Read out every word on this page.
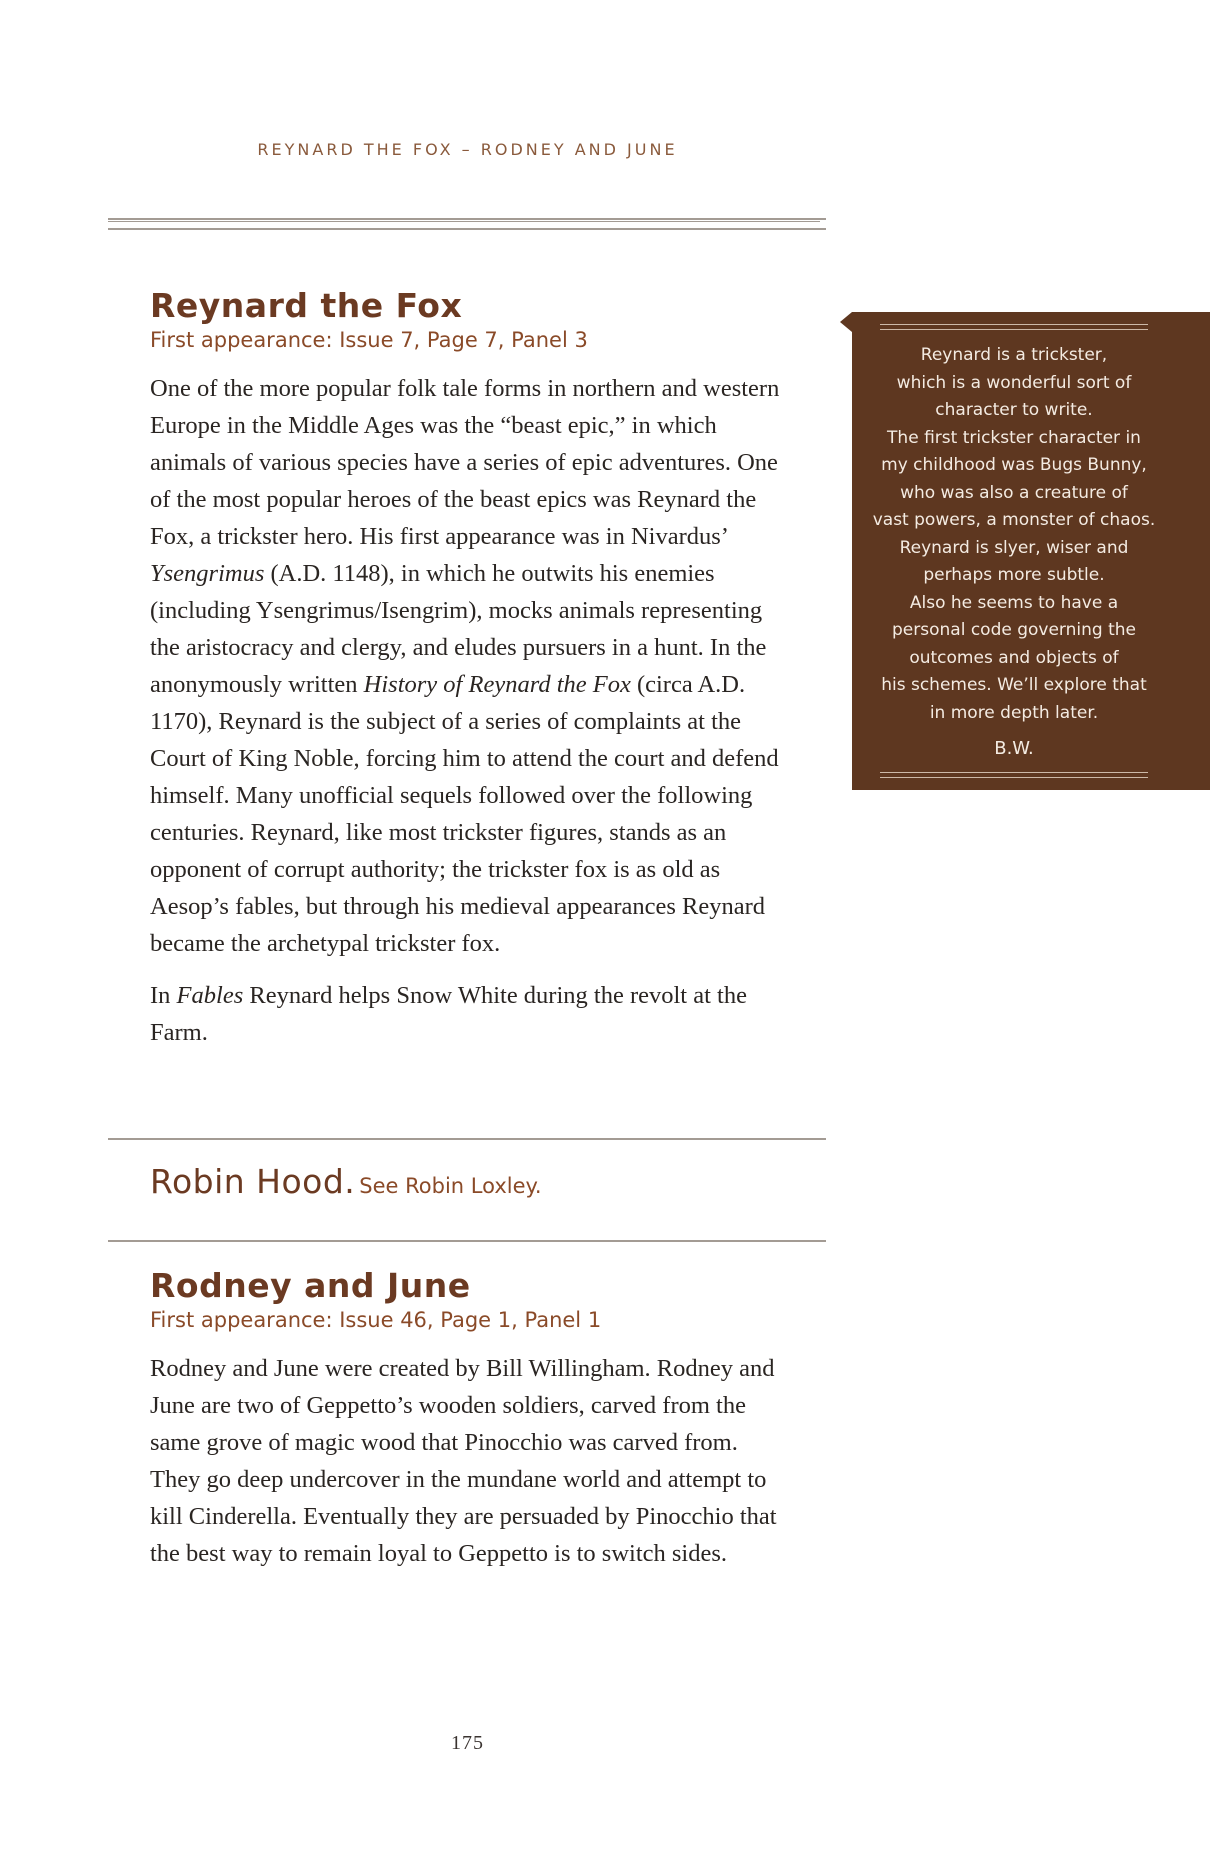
REYNARD THE FOX – RODNEY AND JUNE
Reynard the Fox
First appearance: Issue 7, Page 7, Panel 3

One of the more popular folk tale forms in northern and western Europe in the Middle Ages was the “beast epic,” in which animals of various species have a series of epic adventures. One of the most popular heroes of the beast epics was Reynard the Fox, a trickster hero. His first appearance was in Nivardus’ Ysengrimus (A.D. 1148), in which he outwits his enemies (including Ysengrimus/Isengrim), mocks animals representing the aristocracy and clergy, and eludes pursuers in a hunt. In the anonymously written History of Reynard the Fox (circa A.D. 1170), Reynard is the subject of a series of complaints at the Court of King Noble, forcing him to attend the court and defend himself. Many unofficial sequels followed over the following centuries. Reynard, like most trickster figures, stands as an opponent of corrupt authority; the trickster fox is as old as Aesop’s fables, but through his medieval appearances Reynard became the archetypal trickster fox.

In Fables Reynard helps Snow White during the revolt at the Farm.

Robin Hood. See Robin Loxley.
Rodney and June
First appearance: Issue 46, Page 1, Panel 1

Rodney and June were created by Bill Willingham. Rodney and June are two of Geppetto’s wooden soldiers, carved from the same grove of magic wood that Pinocchio was carved from. They go deep undercover in the mundane world and attempt to kill Cinderella. Eventually they are persuaded by Pinocchio that the best way to remain loyal to Geppetto is to switch sides.

Reynard is a trickster,
which is a wonderful sort of
character to write.
The first trickster character in
my childhood was Bugs Bunny,
who was also a creature of
vast powers, a monster of chaos.
Reynard is slyer, wiser and
perhaps more subtle.
Also he seems to have a
personal code governing the
outcomes and objects of
his schemes. We’ll explore that
in more depth later.
B.W.
175
